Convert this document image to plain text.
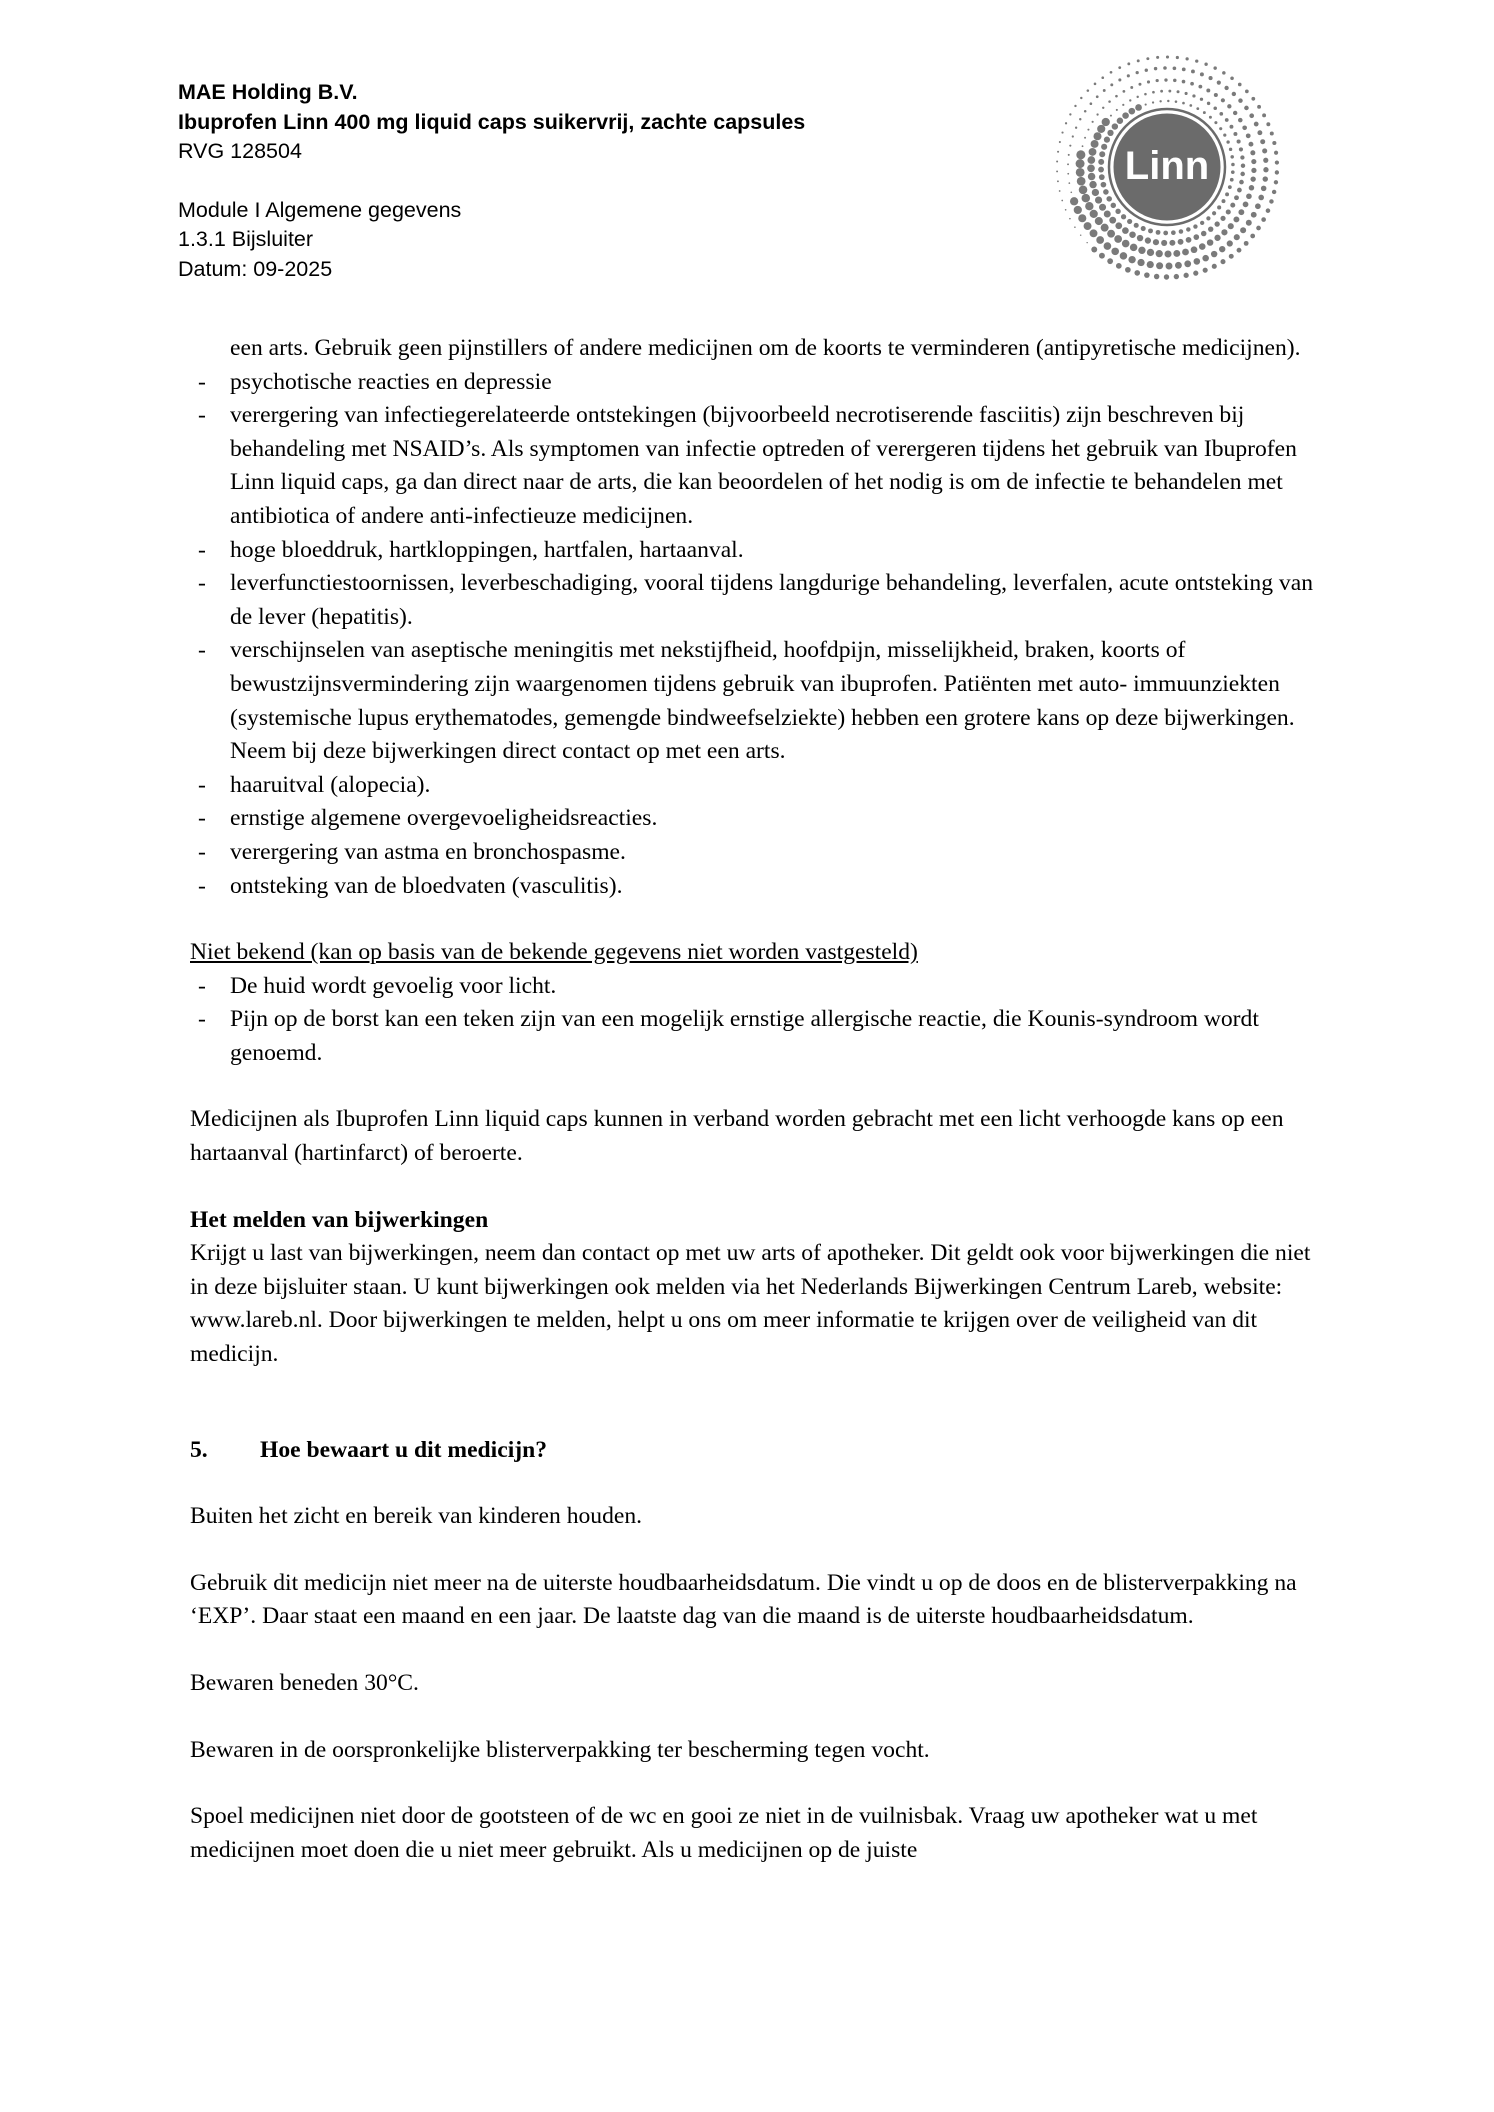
MAE Holding B.V.
Ibuprofen Linn 400 mg liquid caps suikervrij, zachte capsules
RVG 128504
Module I Algemene gegevens
1.3.1 Bijsluiter
Datum: 09-2025
Linn

een arts. Gebruik geen pijnstillers of andere medicijnen om de koorts te verminderen (antipyretische medicijnen).

- psychotische reacties en depressie
- verergering van infectiegerelateerde ontstekingen (bijvoorbeeld necrotiserende fasciitis) zijn beschreven bij behandeling met NSAID’s. Als symptomen van infectie optreden of verergeren tijdens het gebruik van Ibuprofen Linn liquid caps, ga dan direct naar de arts, die kan beoordelen of het nodig is om de infectie te behandelen met antibiotica of andere anti-infectieuze medicijnen.
- hoge bloeddruk, hartkloppingen, hartfalen, hartaanval.
- leverfunctiestoornissen, leverbeschadiging, vooral tijdens langdurige behandeling, leverfalen, acute ontsteking van de lever (hepatitis).
- verschijnselen van aseptische meningitis met nekstijfheid, hoofdpijn, misselijkheid, braken, koorts of bewustzijnsvermindering zijn waargenomen tijdens gebruik van ibuprofen. Patiënten met auto- immuunziekten (systemische lupus erythematodes, gemengde bindweefselziekte) hebben een grotere kans op deze bijwerkingen. Neem bij deze bijwerkingen direct contact op met een arts.
- haaruitval (alopecia).
- ernstige algemene overgevoeligheidsreacties.
- verergering van astma en bronchospasme.
- ontsteking van de bloedvaten (vasculitis).

Niet bekend (kan op basis van de bekende gegevens niet worden vastgesteld)

- De huid wordt gevoelig voor licht.
- Pijn op de borst kan een teken zijn van een mogelijk ernstige allergische reactie, die Kounis-syndroom wordt genoemd.

Medicijnen als Ibuprofen Linn liquid caps kunnen in verband worden gebracht met een licht verhoogde kans op een hartaanval (hartinfarct) of beroerte.

Het melden van bijwerkingen

Krijgt u last van bijwerkingen, neem dan contact op met uw arts of apotheker. Dit geldt ook voor bijwerkingen die niet in deze bijsluiter staan. U kunt bijwerkingen ook melden via het Nederlands Bijwerkingen Centrum Lareb, website: www.lareb.nl. Door bijwerkingen te melden, helpt u ons om meer informatie te krijgen over de veiligheid van dit medicijn.

5.	Hoe bewaart u dit medicijn?

Buiten het zicht en bereik van kinderen houden.

Gebruik dit medicijn niet meer na de uiterste houdbaarheidsdatum. Die vindt u op de doos en de blisterverpakking na ‘EXP’. Daar staat een maand en een jaar. De laatste dag van die maand is de uiterste houdbaarheidsdatum.

Bewaren beneden 30°C.

Bewaren in de oorspronkelijke blisterverpakking ter bescherming tegen vocht.

Spoel medicijnen niet door de gootsteen of de wc en gooi ze niet in de vuilnisbak. Vraag uw apotheker wat u met medicijnen moet doen die u niet meer gebruikt. Als u medicijnen op de juiste
